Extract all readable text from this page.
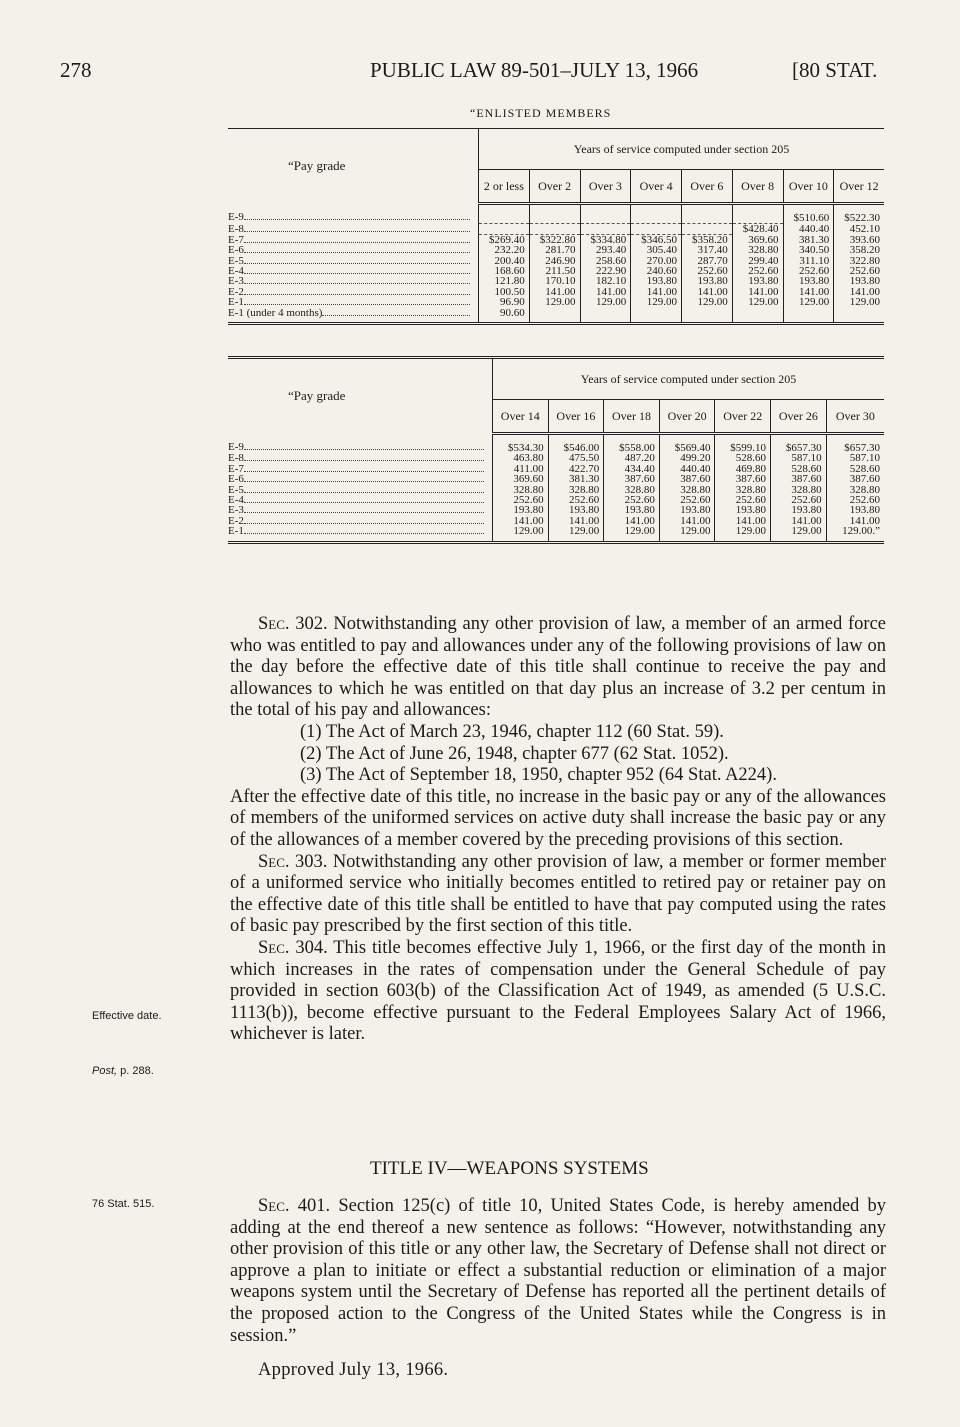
278	PUBLIC LAW 89-501–JULY 13, 1966	[80 STAT.
“ENLISTED MEMBERS
“Pay grade	Years of service computed under section 205							
	2 or less	Over 2	Over 3	Over 4	Over 6	Over 8	Over 10	Over 12
E-9							$510.60	$522.30
E-8						$428.40	440.40	452.10
E-7	$269.40	$322.80	$334.80	$346.50	$358.20	369.60	381.30	393.60
E-6	232.20	281.70	293.40	305.40	317.40	328.80	340.50	358.20
E-5	200.40	246.90	258.60	270.00	287.70	299.40	311.10	322.80
E-4	168.60	211.50	222.90	240.60	252.60	252.60	252.60	252.60
E-3	121.80	170.10	182.10	193.80	193.80	193.80	193.80	193.80
E-2	100.50	141.00	141.00	141.00	141.00	141.00	141.00	141.00
E-1	96.90	129.00	129.00	129.00	129.00	129.00	129.00	129.00
E-1 (under 4 months)	90.60							
“Pay grade	Years of service computed under section 205						
	Over 14	Over 16	Over 18	Over 20	Over 22	Over 26	Over 30
E-9	$534.30	$546.00	$558.00	$569.40	$599.10	$657.30	$657.30
E-8	463.80	475.50	487.20	499.20	528.60	587.10	587.10
E-7	411.00	422.70	434.40	440.40	469.80	528.60	528.60
E-6	369.60	381.30	387.60	387.60	387.60	387.60	387.60
E-5	328.80	328.80	328.80	328.80	328.80	328.80	328.80
E-4	252.60	252.60	252.60	252.60	252.60	252.60	252.60
E-3	193.80	193.80	193.80	193.80	193.80	193.80	193.80
E-2	141.00	141.00	141.00	141.00	141.00	141.00	141.00
E-1	129.00	129.00	129.00	129.00	129.00	129.00	129.00.”

Sec. 302. Notwithstanding any other provision of law, a member of an armed force who was entitled to pay and allowances under any of the following provisions of law on the day before the effective date of this title shall continue to receive the pay and allowances to which he was entitled on that day plus an increase of 3.2 per centum in the total of his pay and allowances:

(1) The Act of March 23, 1946, chapter 112 (60 Stat. 59).

(2) The Act of June 26, 1948, chapter 677 (62 Stat. 1052).

(3) The Act of September 18, 1950, chapter 952 (64 Stat. A224).

After the effective date of this title, no increase in the basic pay or any of the allowances of members of the uniformed services on active duty shall increase the basic pay or any of the allowances of a member covered by the preceding provisions of this section.

Sec. 303. Notwithstanding any other provision of law, a member or former member of a uniformed service who initially becomes entitled to retired pay or retainer pay on the effective date of this title shall be entitled to have that pay computed using the rates of basic pay prescribed by the first section of this title.

Sec. 304. This title becomes effective July 1, 1966, or the first day of the month in which increases in the rates of compensation under the General Schedule of pay provided in section 603(b) of the Classification Act of 1949, as amended (5 U.S.C. 1113(b)), become effective pursuant to the Federal Employees Salary Act of 1966, whichever is later.

Effective date.
Post, p. 288.
TITLE IV—WEAPONS SYSTEMS
76 Stat. 515.	Sec. 401. Section 125(c) of title 10, United States Code, is hereby amended by adding at the end thereof a new sentence as follows: “However, notwithstanding any other provision of this title or any other law, the Secretary of Defense shall not direct or approve a plan to initiate or effect a substantial reduction or elimination of a major weapons system until the Secretary of Defense has reported all the pertinent details of the proposed action to the Congress of the United States while the Congress is in session.”

Approved July 13, 1966.
